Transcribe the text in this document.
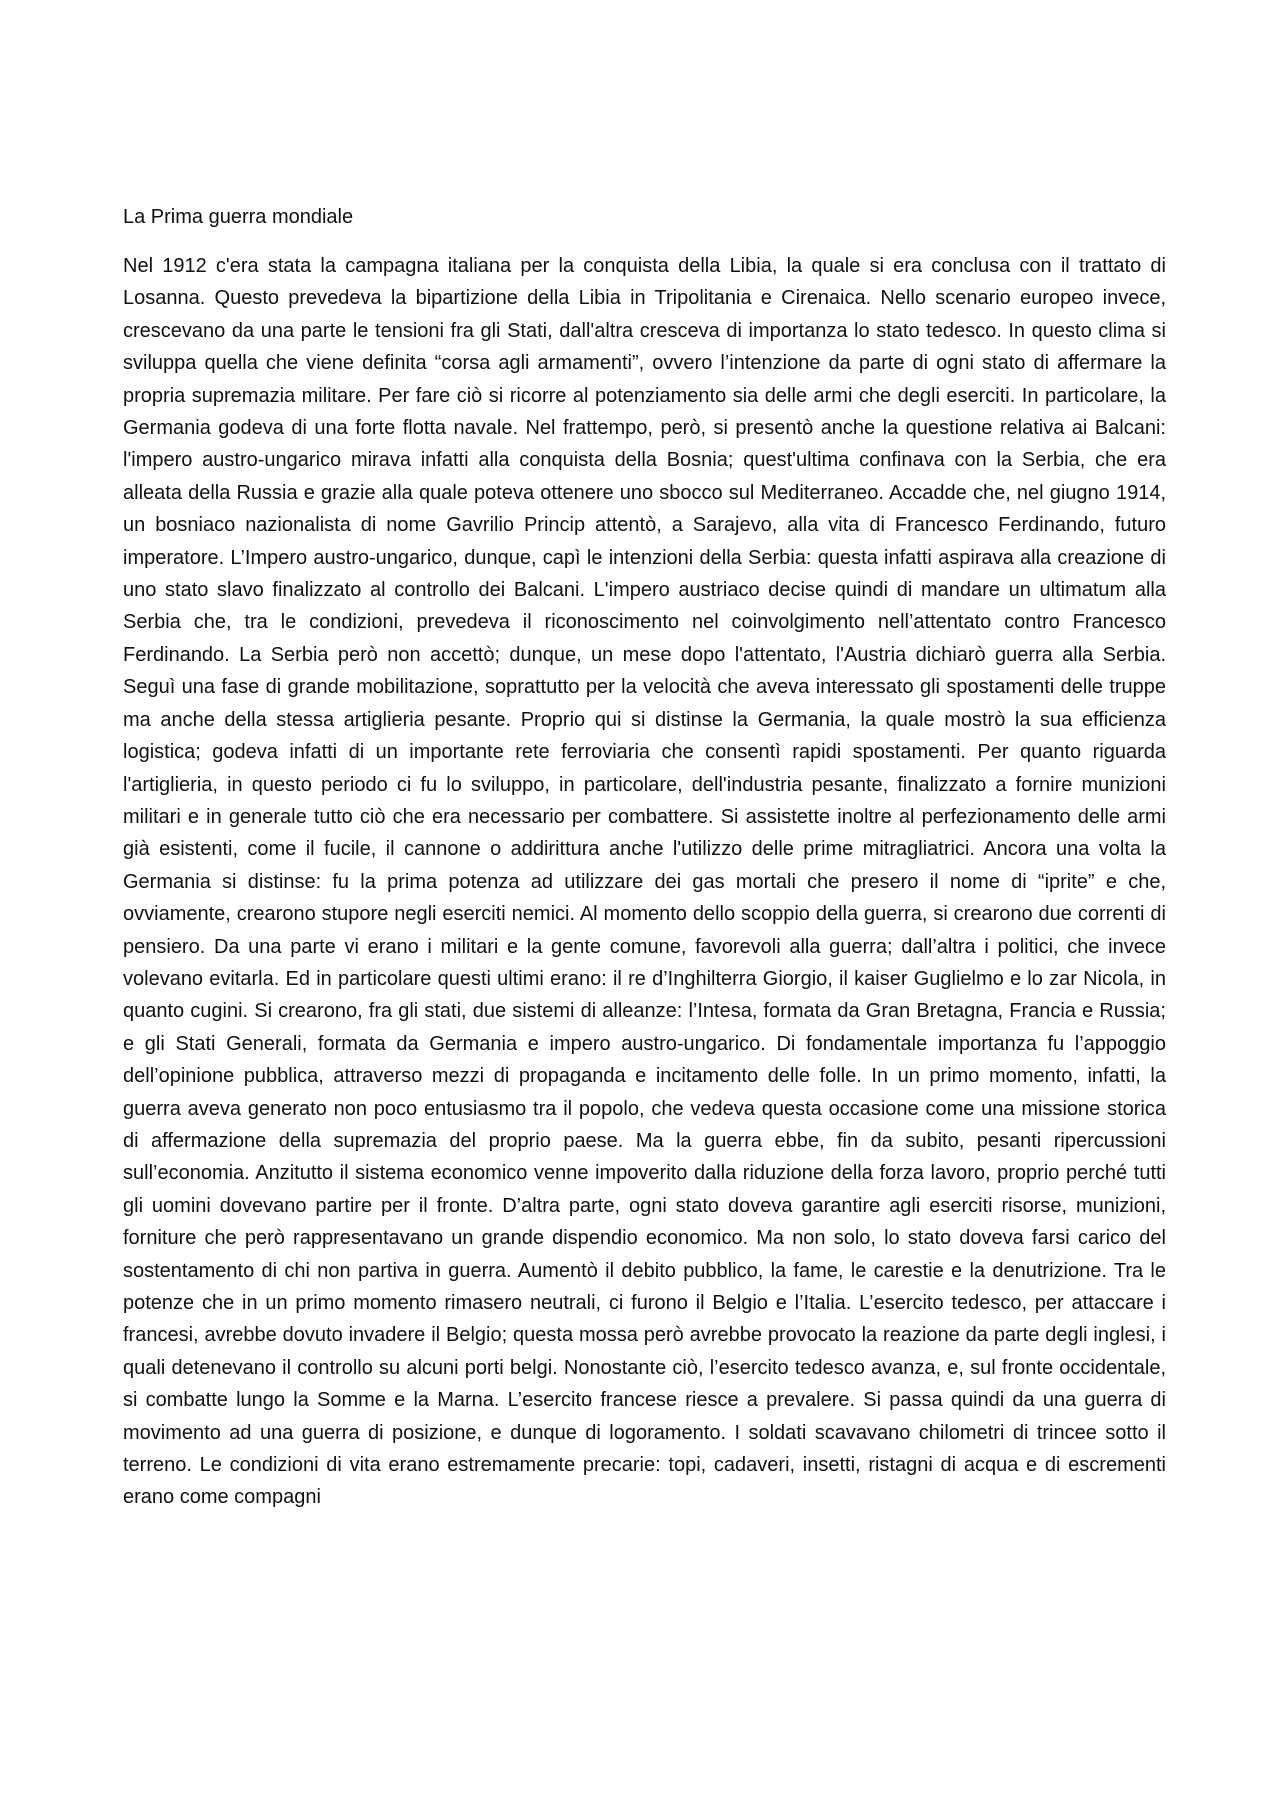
La Prima guerra mondiale

Nel 1912 c'era stata la campagna italiana per la conquista della Libia, la quale si era conclusa con il trattato di Losanna. Questo prevedeva la bipartizione della Libia in Tripolitania e Cirenaica. Nello scenario europeo invece, crescevano da una parte le tensioni fra gli Stati, dall'altra cresceva di importanza lo stato tedesco. In questo clima si sviluppa quella che viene definita “corsa agli armamenti”, ovvero l’intenzione da parte di ogni stato di affermare la propria supremazia militare. Per fare ciò si ricorre al potenziamento sia delle armi che degli eserciti. In particolare, la Germania godeva di una forte flotta navale. Nel frattempo, però, si presentò anche la questione relativa ai Balcani: l'impero austro-ungarico mirava infatti alla conquista della Bosnia; quest'ultima confinava con la Serbia, che era alleata della Russia e grazie alla quale poteva ottenere uno sbocco sul Mediterraneo. Accadde che, nel giugno 1914, un bosniaco nazionalista di nome Gavrilio Princip attentò, a Sarajevo, alla vita di Francesco Ferdinando, futuro imperatore. L’Impero austro-ungarico, dunque, capì le intenzioni della Serbia: questa infatti aspirava alla creazione di uno stato slavo finalizzato al controllo dei Balcani. L'impero austriaco decise quindi di mandare un ultimatum alla Serbia che, tra le condizioni, prevedeva il riconoscimento nel coinvolgimento nell’attentato contro Francesco Ferdinando. La Serbia però non accettò; dunque, un mese dopo l'attentato, l'Austria dichiarò guerra alla Serbia. Seguì una fase di grande mobilitazione, soprattutto per la velocità che aveva interessato gli spostamenti delle truppe ma anche della stessa artiglieria pesante. Proprio qui si distinse la Germania, la quale mostrò la sua efficienza logistica; godeva infatti di un importante rete ferroviaria che consentì rapidi spostamenti. Per quanto riguarda l'artiglieria, in questo periodo ci fu lo sviluppo, in particolare, dell'industria pesante, finalizzato a fornire munizioni militari e in generale tutto ciò che era necessario per combattere. Si assistette inoltre al perfezionamento delle armi già esistenti, come il fucile, il cannone o addirittura anche l'utilizzo delle prime mitragliatrici. Ancora una volta la Germania si distinse: fu la prima potenza ad utilizzare dei gas mortali che presero il nome di “iprite” e che, ovviamente, crearono stupore negli eserciti nemici. Al momento dello scoppio della guerra, si crearono due correnti di pensiero. Da una parte vi erano i militari e la gente comune, favorevoli alla guerra; dall’altra i politici, che invece volevano evitarla. Ed in particolare questi ultimi erano: il re d’Inghilterra Giorgio, il kaiser Guglielmo e lo zar Nicola, in quanto cugini. Si crearono, fra gli stati, due sistemi di alleanze: l’Intesa, formata da Gran Bretagna, Francia e Russia; e gli Stati Generali, formata da Germania e impero austro-ungarico. Di fondamentale importanza fu l’appoggio dell’opinione pubblica, attraverso mezzi di propaganda e incitamento delle folle. In un primo momento, infatti, la guerra aveva generato non poco entusiasmo tra il popolo, che vedeva questa occasione come una missione storica di affermazione della supremazia del proprio paese. Ma la guerra ebbe, fin da subito, pesanti ripercussioni sull’economia. Anzitutto il sistema economico venne impoverito dalla riduzione della forza lavoro, proprio perché tutti gli uomini dovevano partire per il fronte. D’altra parte, ogni stato doveva garantire agli eserciti risorse, munizioni, forniture che però rappresentavano un grande dispendio economico. Ma non solo, lo stato doveva farsi carico del sostentamento di chi non partiva in guerra. Aumentò il debito pubblico, la fame, le carestie e la denutrizione. Tra le potenze che in un primo momento rimasero neutrali, ci furono il Belgio e l’Italia. L’esercito tedesco, per attaccare i francesi, avrebbe dovuto invadere il Belgio; questa mossa però avrebbe provocato la reazione da parte degli inglesi, i quali detenevano il controllo su alcuni porti belgi. Nonostante ciò, l’esercito tedesco avanza, e, sul fronte occidentale, si combatte lungo la Somme e la Marna. L’esercito francese riesce a prevalere. Si passa quindi da una guerra di movimento ad una guerra di posizione, e dunque di logoramento. I soldati scavavano chilometri di trincee sotto il terreno. Le condizioni di vita erano estremamente precarie: topi, cadaveri, insetti, ristagni di acqua e di escrementi erano come compagni
